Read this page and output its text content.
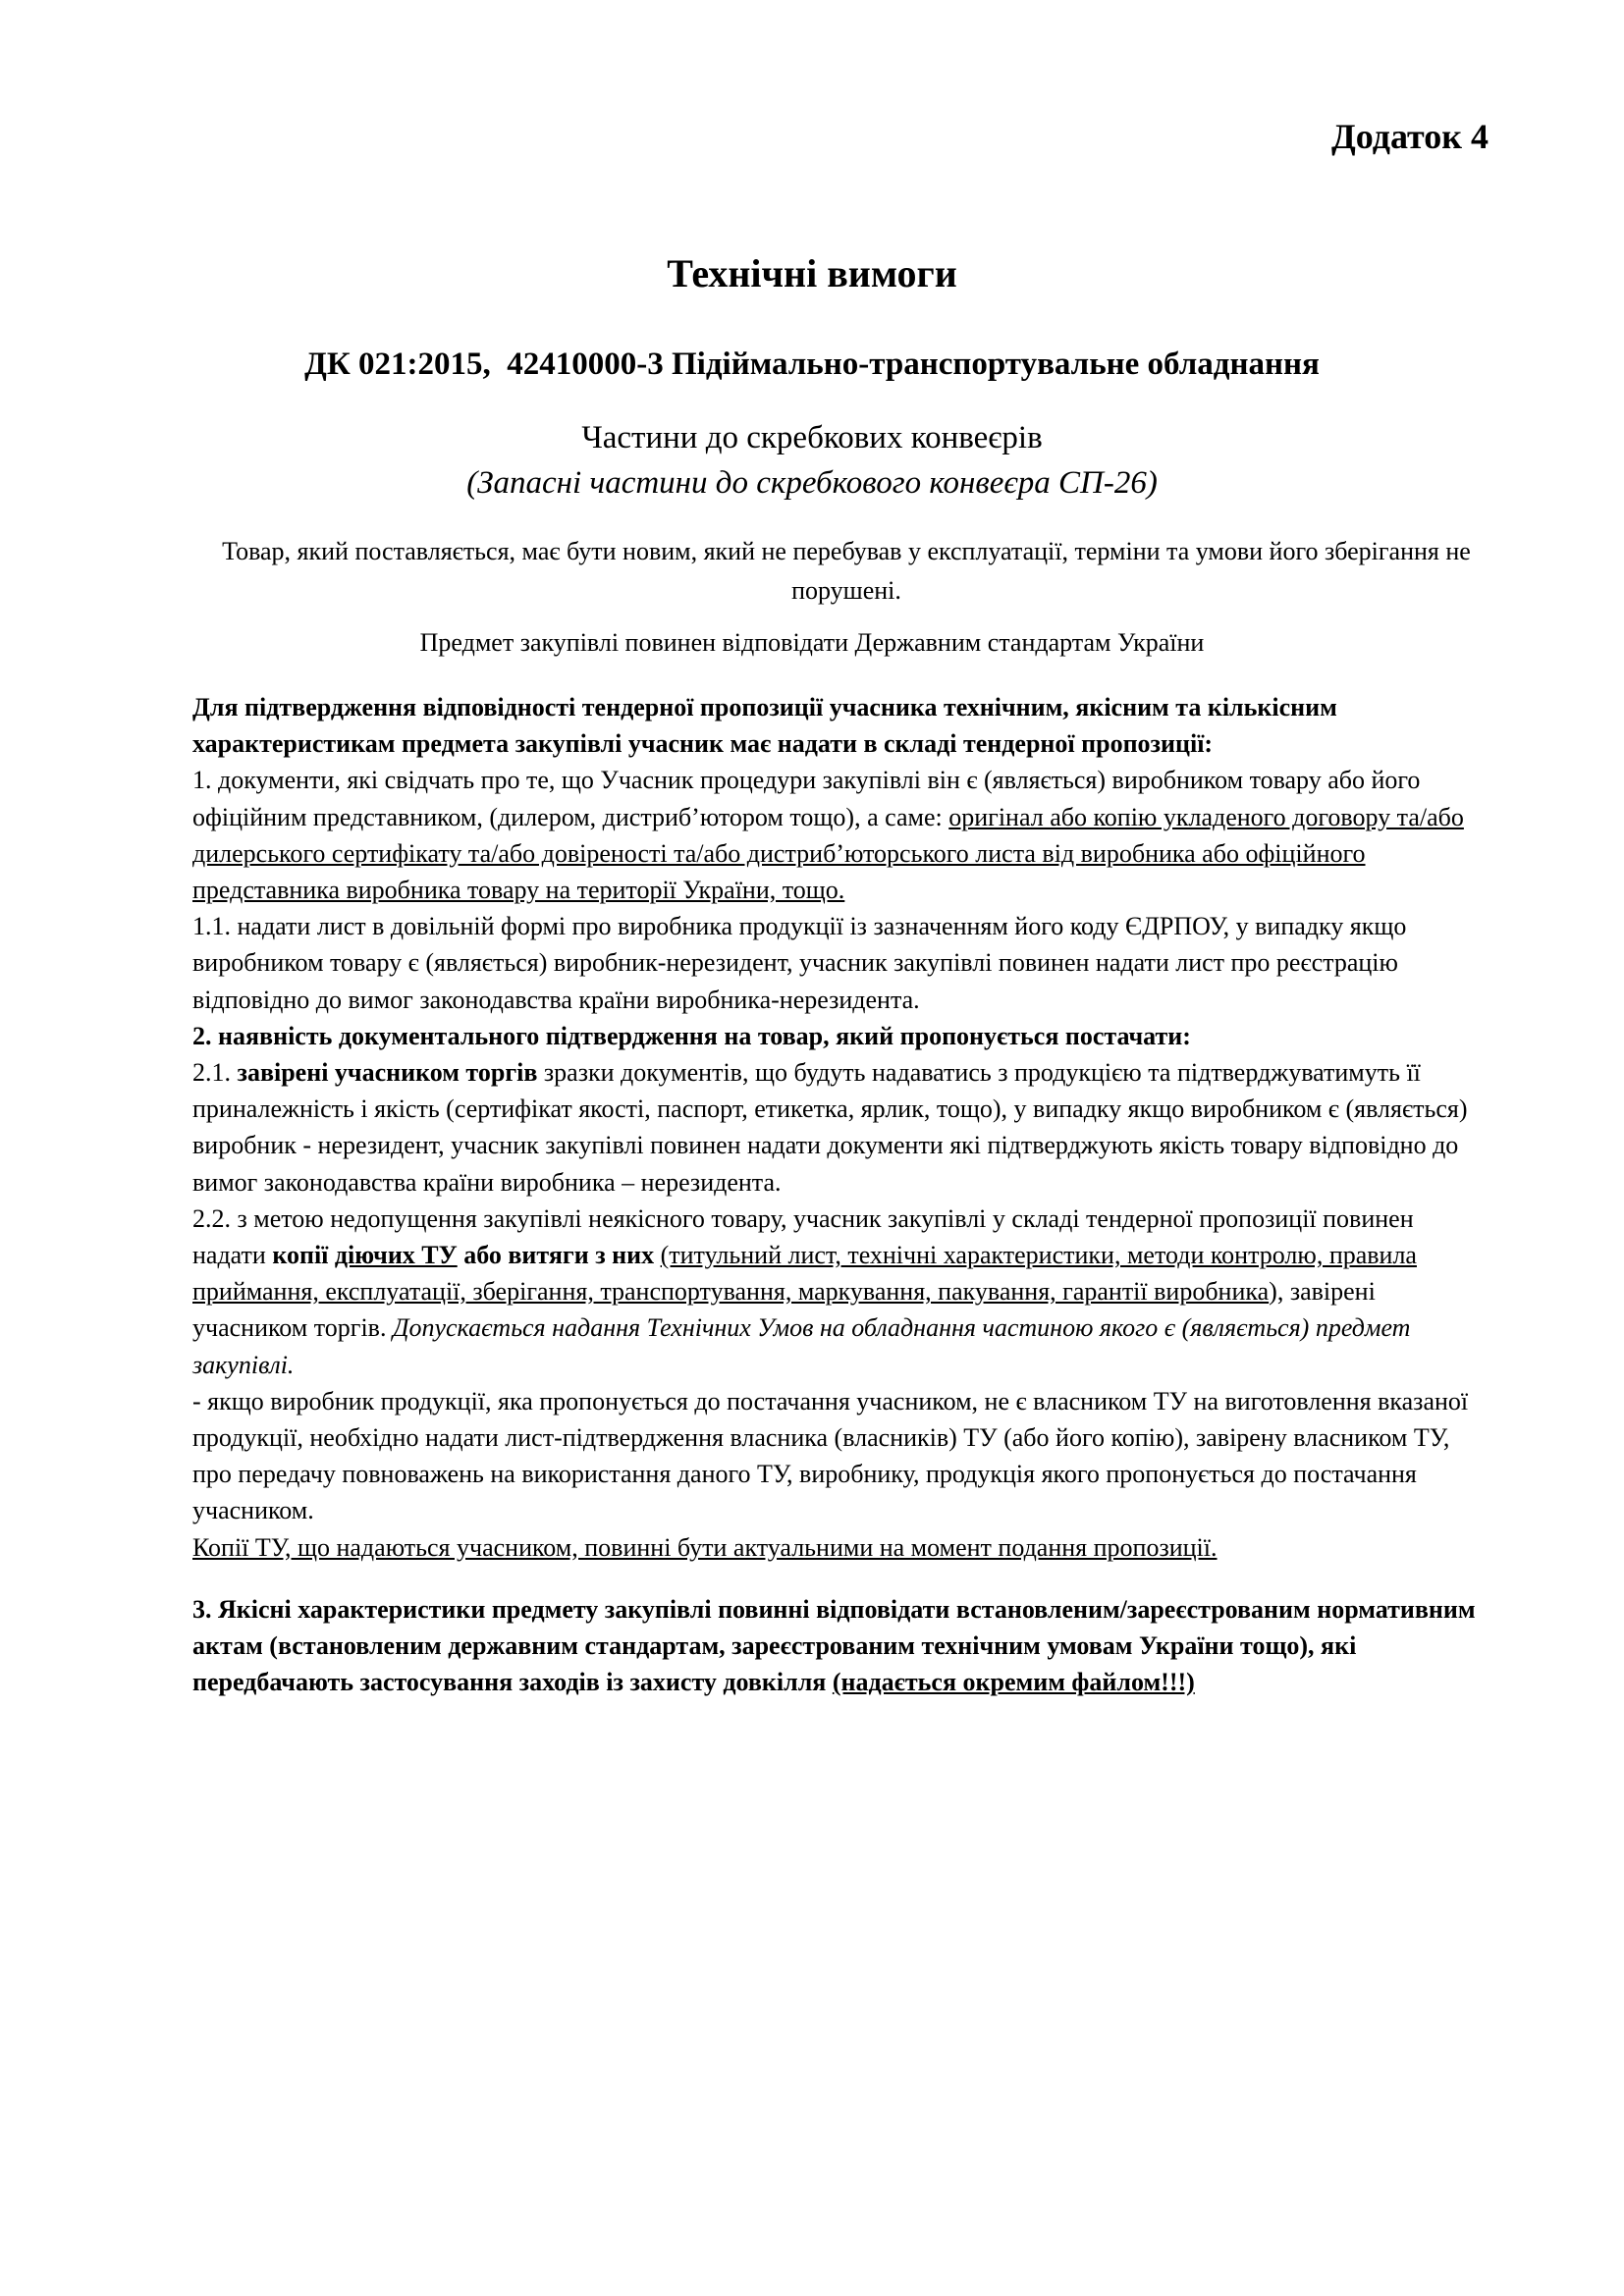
Додаток 4
Технічні вимоги
ДК 021:2015,  42410000-3 Підіймально-транспортувальне обладнання
Частини до скребкових конвеєрів
(Запасні частини до скребкового конвеєра СП-26)

Товар, який поставляється, має бути новим, який не перебував у експлуатації, терміни та умови його зберігання не порушені.

Предмет закупівлі повинен відповідати Державним стандартам України

Для підтвердження відповідності тендерної пропозиції учасника технічним, якісним та кількісним характеристикам предмета закупівлі учасник має надати в складі тендерної пропозиції:

1. документи, які свідчать про те, що Учасник процедури закупівлі він є (являється) виробником товару або його офіційним представником, (дилером, дистриб’ютором тощо), а саме: оригінал або копію укладеного договору та/або дилерського сертифікату та/або довіреності та/або дистриб’юторського листа від виробника або офіційного представника виробника товару на території України, тощо.

1.1. надати лист в довільній формі про виробника продукції із зазначенням його коду ЄДРПОУ, у випадку якщо виробником товару є (являється) виробник-нерезидент, учасник закупівлі повинен надати лист про реєстрацію відповідно до вимог законодавства країни виробника-нерезидента.

2. наявність документального підтвердження на товар, який пропонується постачати:

2.1. завірені учасником торгів зразки документів, що будуть надаватись з продукцією та підтверджуватимуть її приналежність і якість (сертифікат якості, паспорт, етикетка, ярлик, тощо), у випадку якщо виробником є (являється) виробник - нерезидент, учасник закупівлі повинен надати документи які підтверджують якість товару відповідно до вимог законодавства країни виробника – нерезидента.

2.2. з метою недопущення закупівлі неякісного товару, учасник закупівлі у складі тендерної пропозиції повинен надати копії діючих ТУ або витяги з них (титульний лист, технічні характеристики, методи контролю, правила приймання, експлуатації, зберігання, транспортування, маркування, пакування, гарантії виробника), завірені учасником торгів. Допускається надання Технічних Умов на обладнання частиною якого є (являється) предмет закупівлі.

- якщо виробник продукції, яка пропонується до постачання учасником, не є власником ТУ на виготовлення вказаної продукції, необхідно надати лист-підтвердження власника (власників) ТУ (або його копію), завірену власником ТУ, про передачу повноважень на використання даного ТУ, виробнику, продукція якого пропонується до постачання учасником.

Копії ТУ, що надаються учасником, повинні бути актуальними на момент подання пропозиції.

3. Якісні характеристики предмету закупівлі повинні відповідати встановленим/зареєстрованим нормативним актам (встановленим державним стандартам, зареєстрованим технічним умовам України тощо), які передбачають застосування заходів із захисту довкілля (надається окремим файлом!!!)
